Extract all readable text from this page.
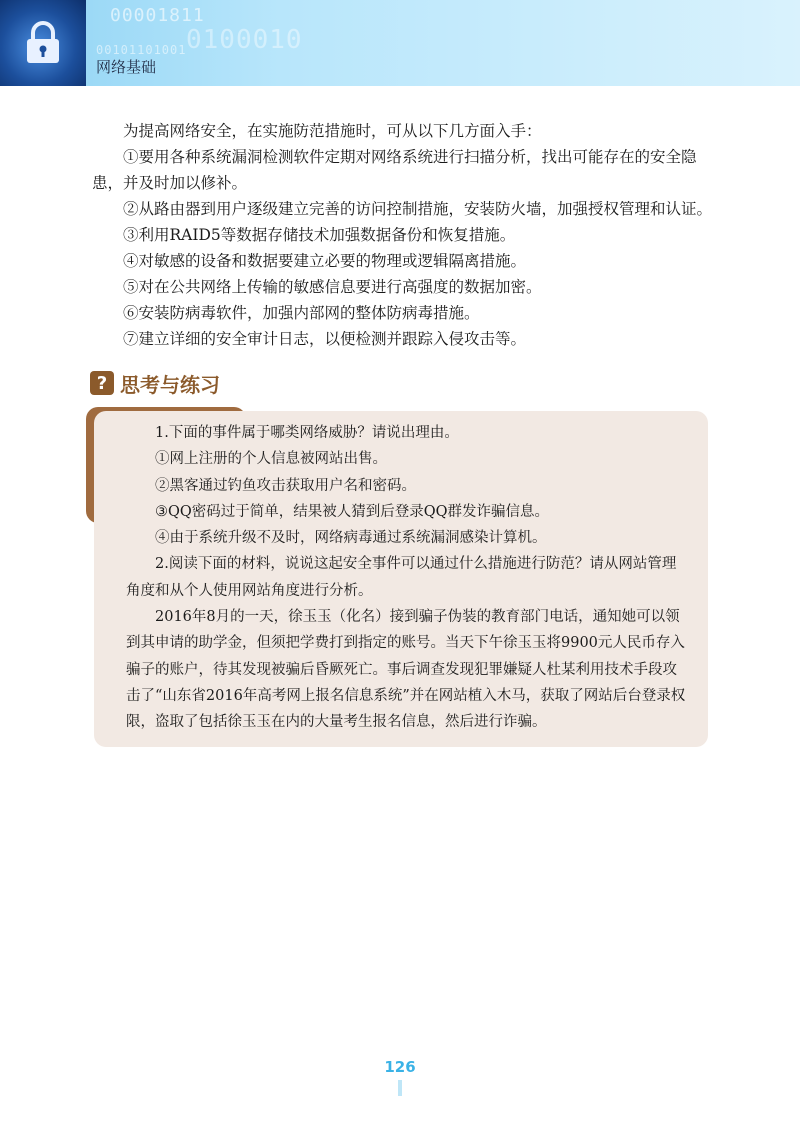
00001811
00101101001 0100010
网络基础

为提高网络安全，在实施防范措施时，可从以下几方面入手：

①要用各种系统漏洞检测软件定期对网络系统进行扫描分析，找出可能存在的安全隐患，并及时加以修补。

②从路由器到用户逐级建立完善的访问控制措施，安装防火墙，加强授权管理和认证。

③利用RAID5等数据存储技术加强数据备份和恢复措施。

④对敏感的设备和数据要建立必要的物理或逻辑隔离措施。

⑤对在公共网络上传输的敏感信息要进行高强度的数据加密。

⑥安装防病毒软件，加强内部网的整体防病毒措施。

⑦建立详细的安全审计日志，以便检测并跟踪入侵攻击等。

? 思考与练习

1.下面的事件属于哪类网络威胁？请说出理由。

①网上注册的个人信息被网站出售。

②黑客通过钓鱼攻击获取用户名和密码。

③QQ密码过于简单，结果被人猜到后登录QQ群发诈骗信息。

④由于系统升级不及时，网络病毒通过系统漏洞感染计算机。

2.阅读下面的材料，说说这起安全事件可以通过什么措施进行防范？请从网站管理角度和从个人使用网站角度进行分析。

2016年8月的一天，徐玉玉（化名）接到骗子伪装的教育部门电话，通知她可以领到其申请的助学金，但须把学费打到指定的账号。当天下午徐玉玉将9900元人民币存入骗子的账户，待其发现被骗后昏厥死亡。事后调查发现犯罪嫌疑人杜某利用技术手段攻击了“山东省2016年高考网上报名信息系统”并在网站植入木马，获取了网站后台登录权限，盗取了包括徐玉玉在内的大量考生报名信息，然后进行诈骗。

126
